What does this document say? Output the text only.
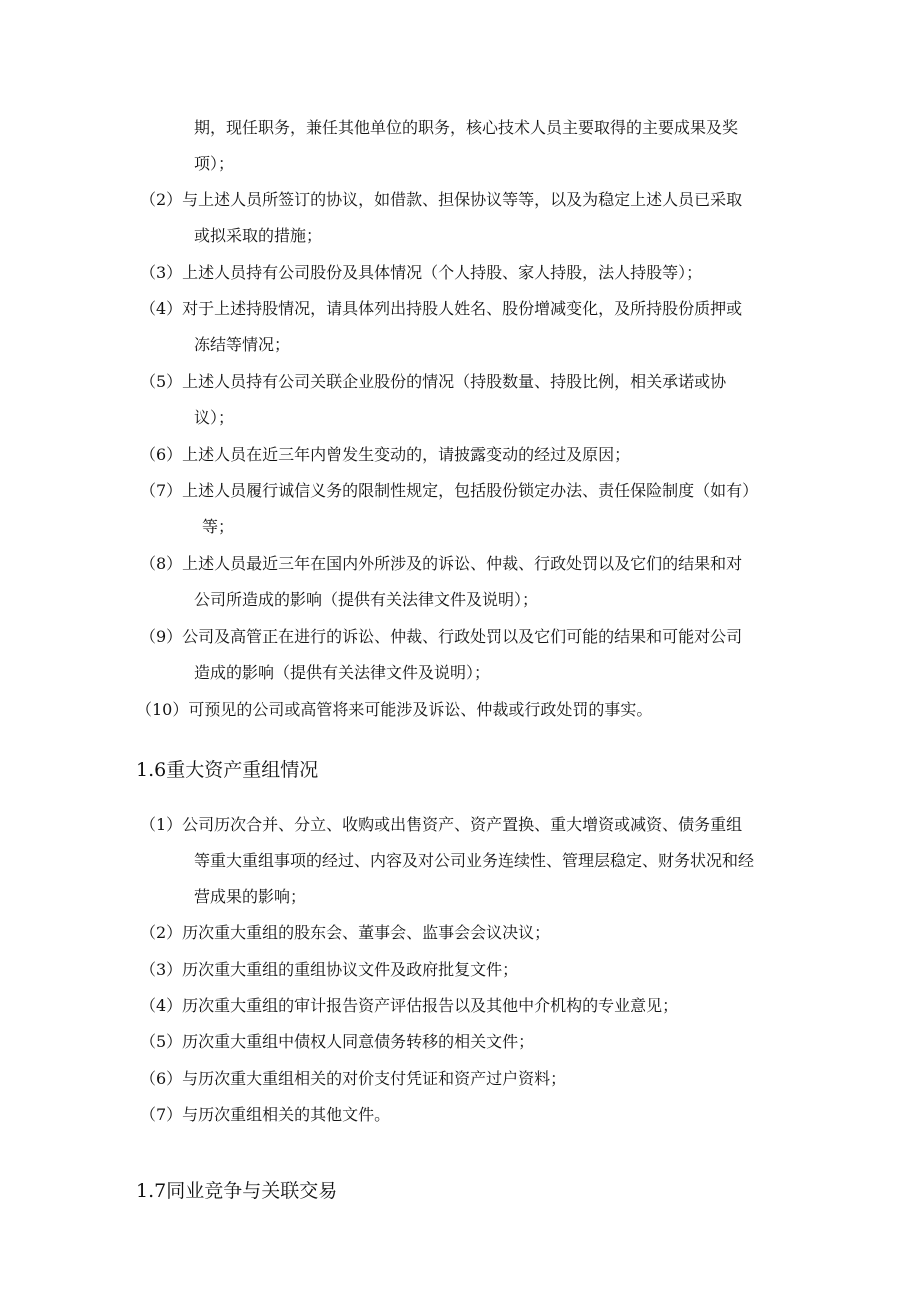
期，现任职务，兼任其他单位的职务，核心技术人员主要取得的主要成果及奖
项）；
（2）与上述人员所签订的协议，如借款、担保协议等等，以及为稳定上述人员已采取
或拟采取的措施；
（3）上述人员持有公司股份及具体情况（个人持股、家人持股，法人持股等）；
（4）对于上述持股情况，请具体列出持股人姓名、股份增减变化，及所持股份质押或
冻结等情况；
（5）上述人员持有公司关联企业股份的情况（持股数量、持股比例，相关承诺或协
议）；
（6）上述人员在近三年内曾发生变动的，请披露变动的经过及原因；
（7）上述人员履行诚信义务的限制性规定，包括股份锁定办法、责任保险制度（如有）
等；
（8）上述人员最近三年在国内外所涉及的诉讼、仲裁、行政处罚以及它们的结果和对
公司所造成的影响（提供有关法律文件及说明）；
（9）公司及高管正在进行的诉讼、仲裁、行政处罚以及它们可能的结果和可能对公司
造成的影响（提供有关法律文件及说明）；
（10）可预见的公司或高管将来可能涉及诉讼、仲裁或行政处罚的事实。
1.6重大资产重组情况
（1）公司历次合并、分立、收购或出售资产、资产置换、重大增资或减资、债务重组
等重大重组事项的经过、内容及对公司业务连续性、管理层稳定、财务状况和经
营成果的影响；
（2）历次重大重组的股东会、董事会、监事会会议决议；
（3）历次重大重组的重组协议文件及政府批复文件；
（4）历次重大重组的审计报告资产评估报告以及其他中介机构的专业意见；
（5）历次重大重组中债权人同意债务转移的相关文件；
（6）与历次重大重组相关的对价支付凭证和资产过户资料；
（7）与历次重组相关的其他文件。
1.7同业竞争与关联交易
